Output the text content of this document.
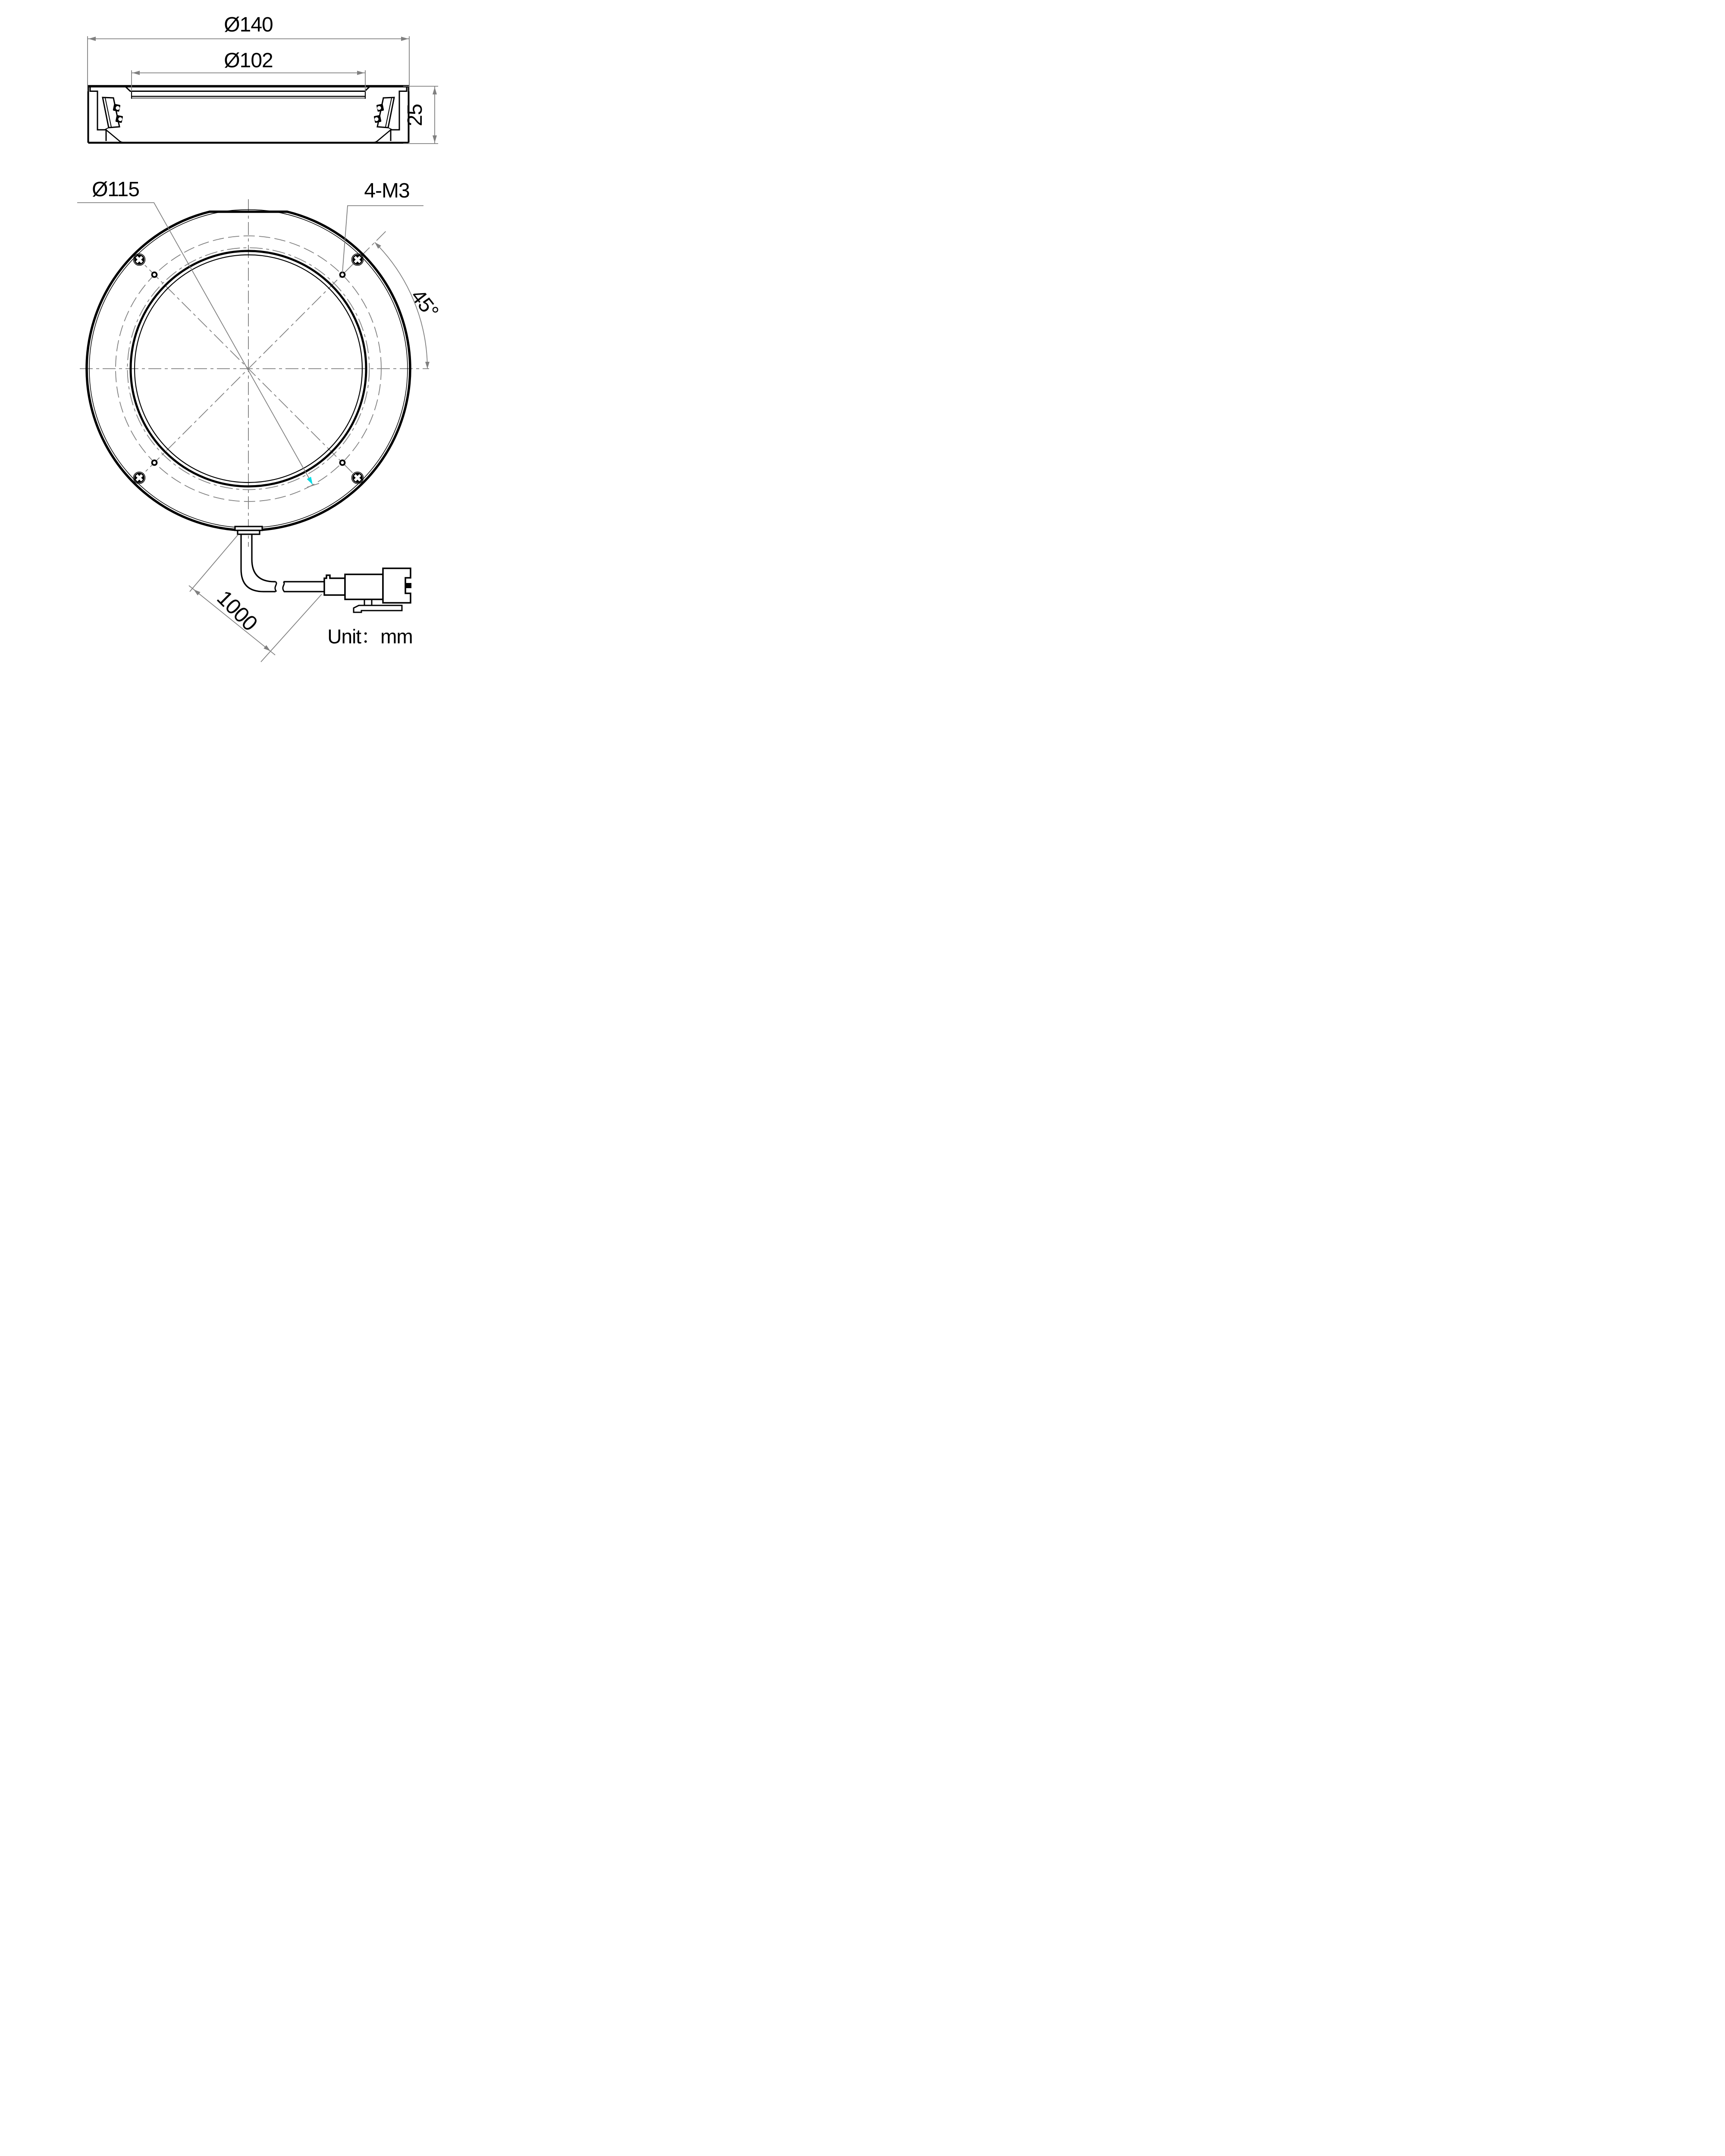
Ø140
Ø102
25
Ø115	4-M3
45°
1000
Unit：mm
